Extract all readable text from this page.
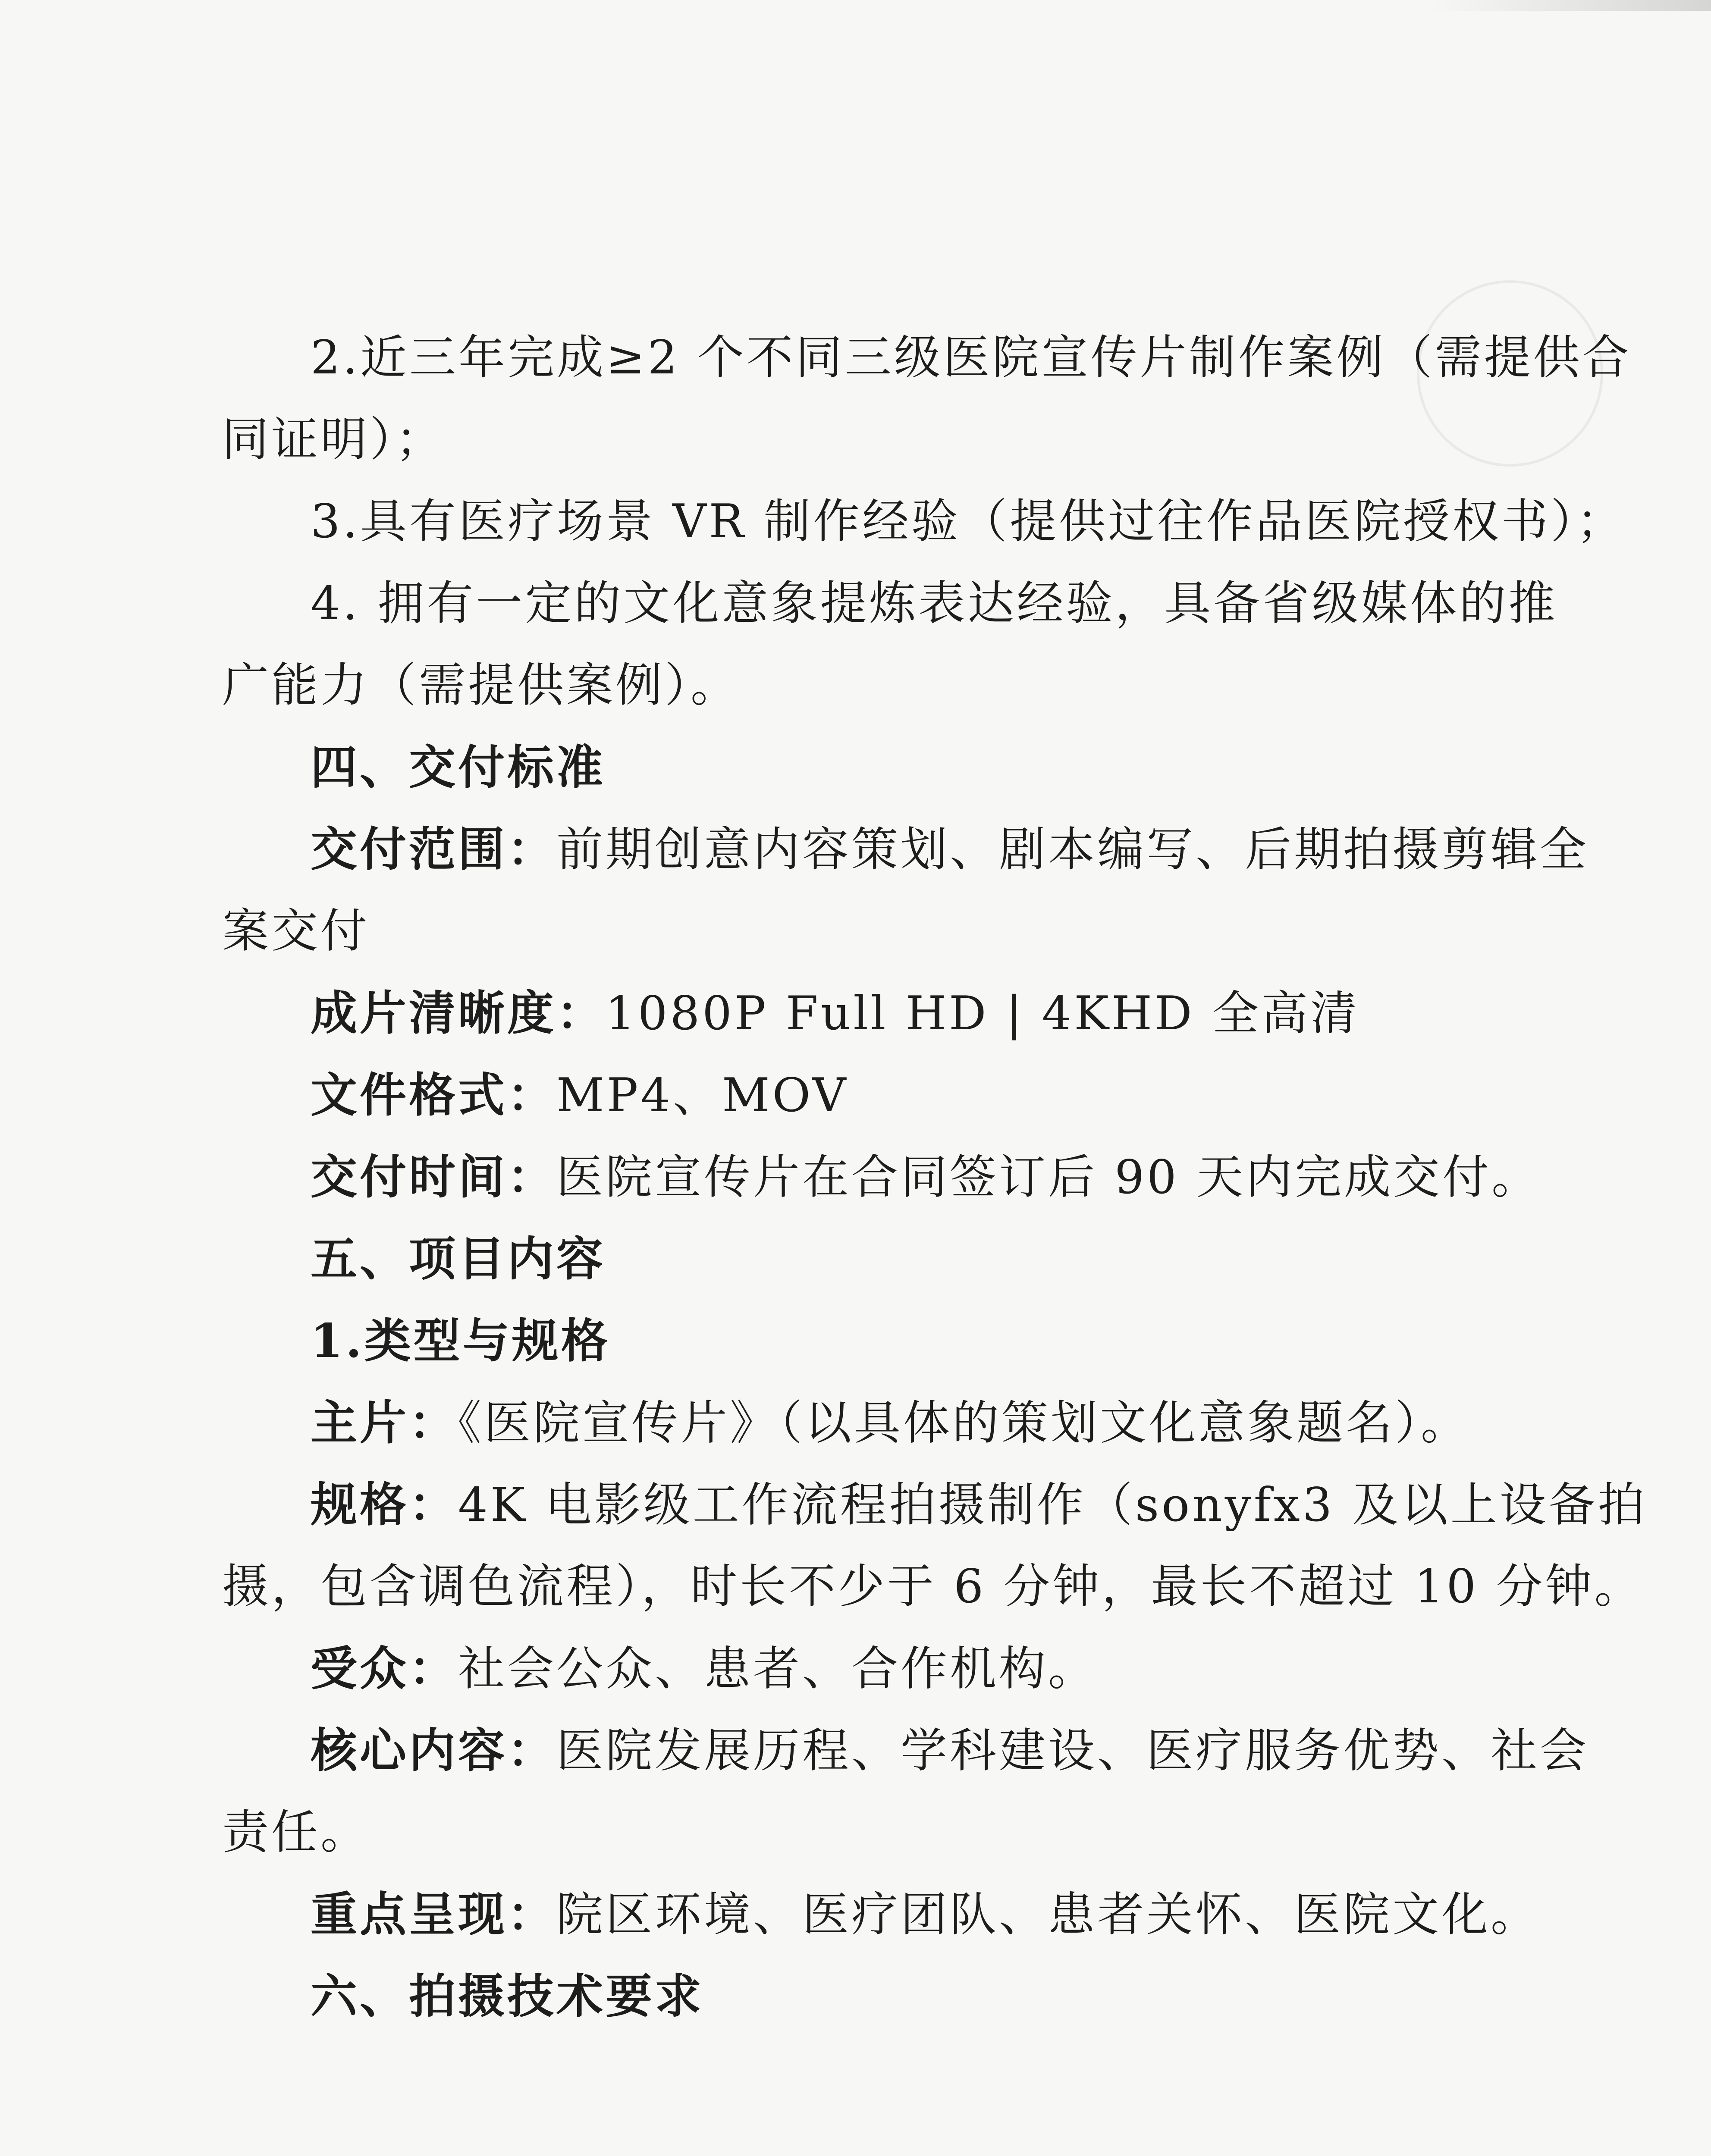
2.近三年完成≥2 个不同三级医院宣传片制作案例（需提供合
同证明）；
3.具有医疗场景 VR 制作经验（提供过往作品医院授权书）；
4. 拥有一定的文化意象提炼表达经验，具备省级媒体的推
广能力（需提供案例）。
四、交付标准
交付范围：前期创意内容策划、剧本编写、后期拍摄剪辑全
案交付
成片清晰度：1080P Full HD | 4KHD 全高清
文件格式：MP4、MOV
交付时间：医院宣传片在合同签订后 90 天内完成交付。
五、项目内容
1.类型与规格
主片：《医院宣传片》（以具体的策划文化意象题名）。
规格：4K 电影级工作流程拍摄制作（sonyfx3 及以上设备拍
摄，包含调色流程），时长不少于 6 分钟，最长不超过 10 分钟。
受众：社会公众、患者、合作机构。
核心内容：医院发展历程、学科建设、医疗服务优势、社会
责任。
重点呈现：院区环境、医疗团队、患者关怀、医院文化。
六、拍摄技术要求
